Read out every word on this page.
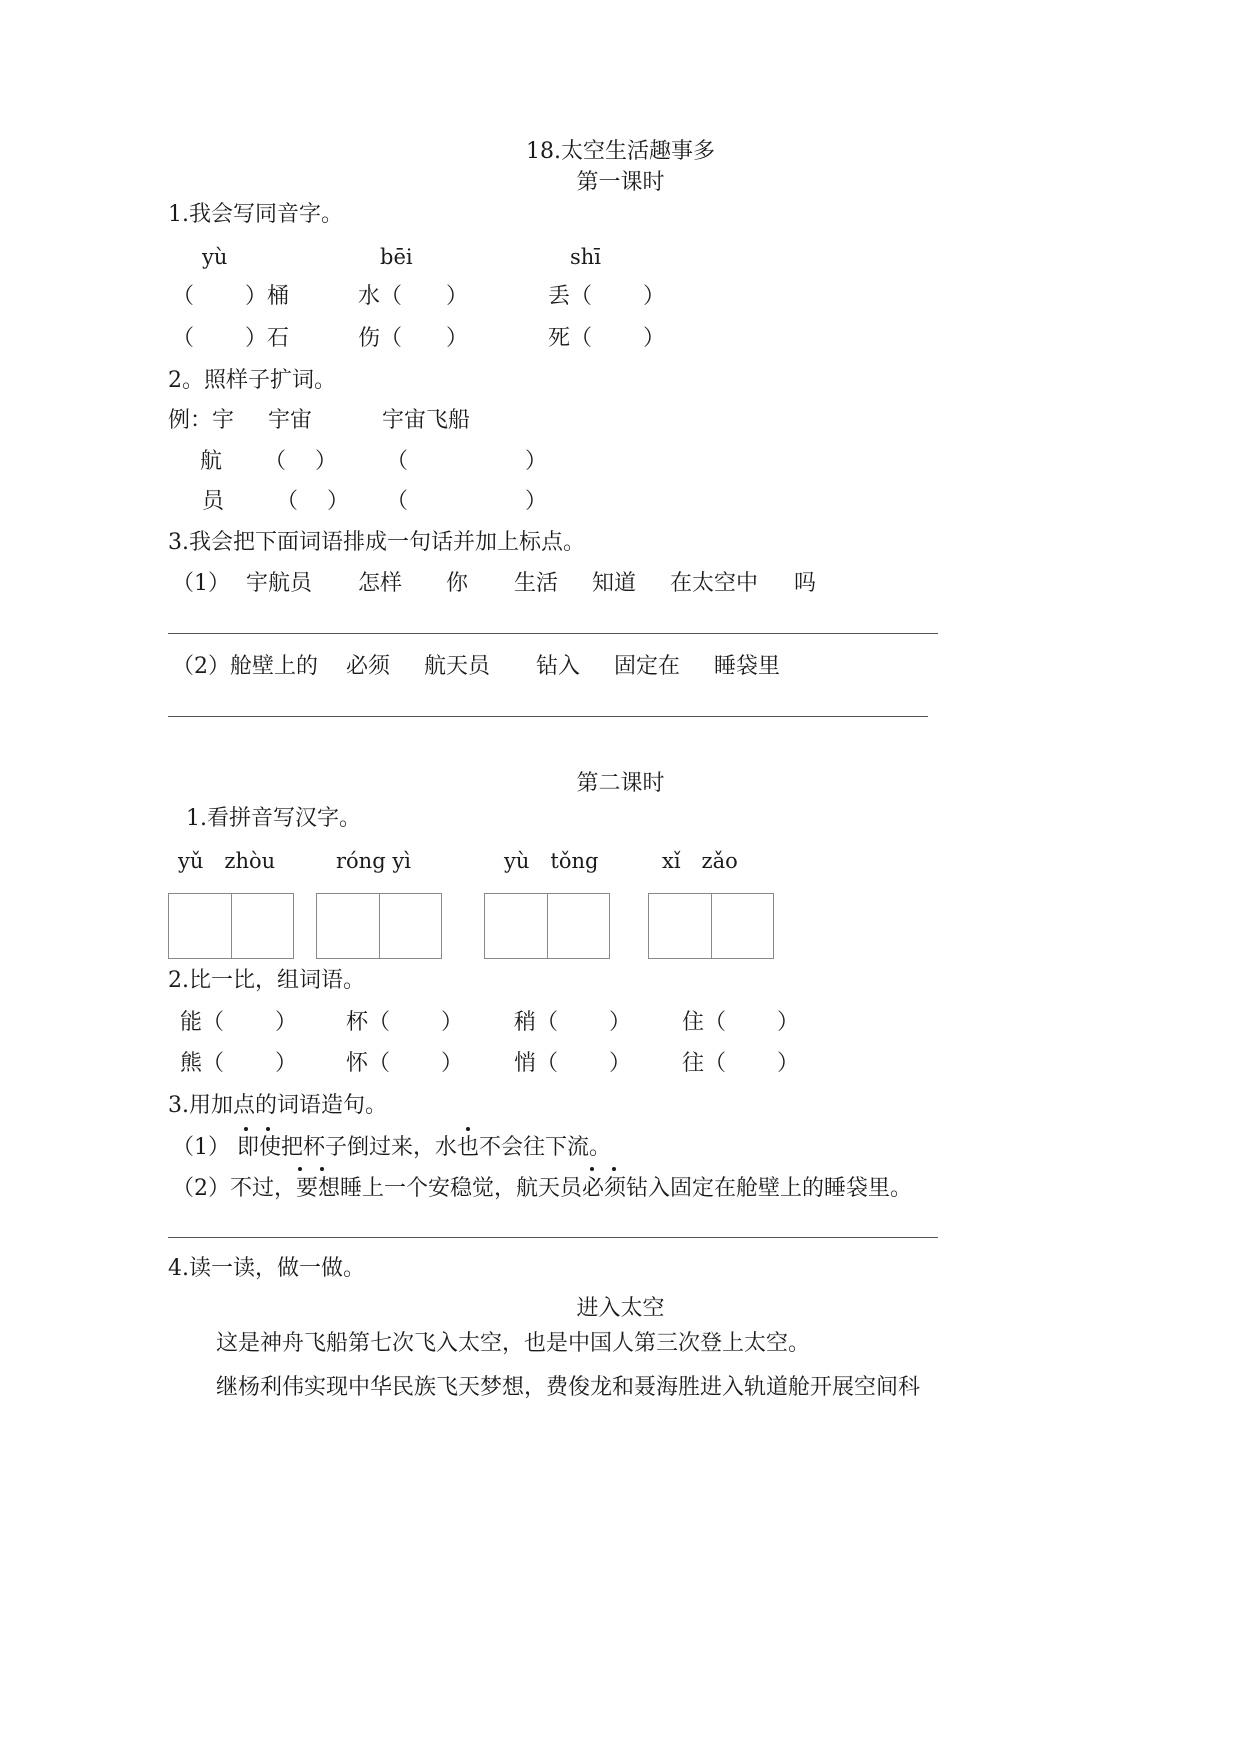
18.太空生活趣事多
第一课时
1.我会写同音字。
yù	bēi	shī
（　　 ）桶	水（　　）	丢（　　 ）
（　　 ）石	伤（　　）	死（　　 ）
2。照样子扩词。
例：宇 宇宙	宇宙飞船
航 （　 ） （　　　　　 ）
员 （　 ） （　　　　　 ）
3.我会把下面词语排成一句话并加上标点。
（1） 宇航员 怎样 你 生活 知道 在太空中 吗
（2）舱壁上的 必须 航天员 钻入 固定在 睡袋里
第二课时
1.看拼音写汉字。
yǔ　zhòu	róng yì	yù　tǒng	xǐ　zǎo
2.比一比，组词语。
能（　　 ） 杯（　　 ） 稍（　　 ） 住（　　 ）
熊（　　 ） 怀（　　 ） 悄（　　 ） 往（　　 ）
3.用加点的词语造句。
（1） 即使把杯子倒过来，水也不会往下流。
（2）不过，要想睡上一个安稳觉，航天员必须钻入固定在舱壁上的睡袋里。
4.读一读，做一做。
进入太空
这是神舟飞船第七次飞入太空，也是中国人第三次登上太空。
继杨利伟实现中华民族飞天梦想，费俊龙和聂海胜进入轨道舱开展空间科
